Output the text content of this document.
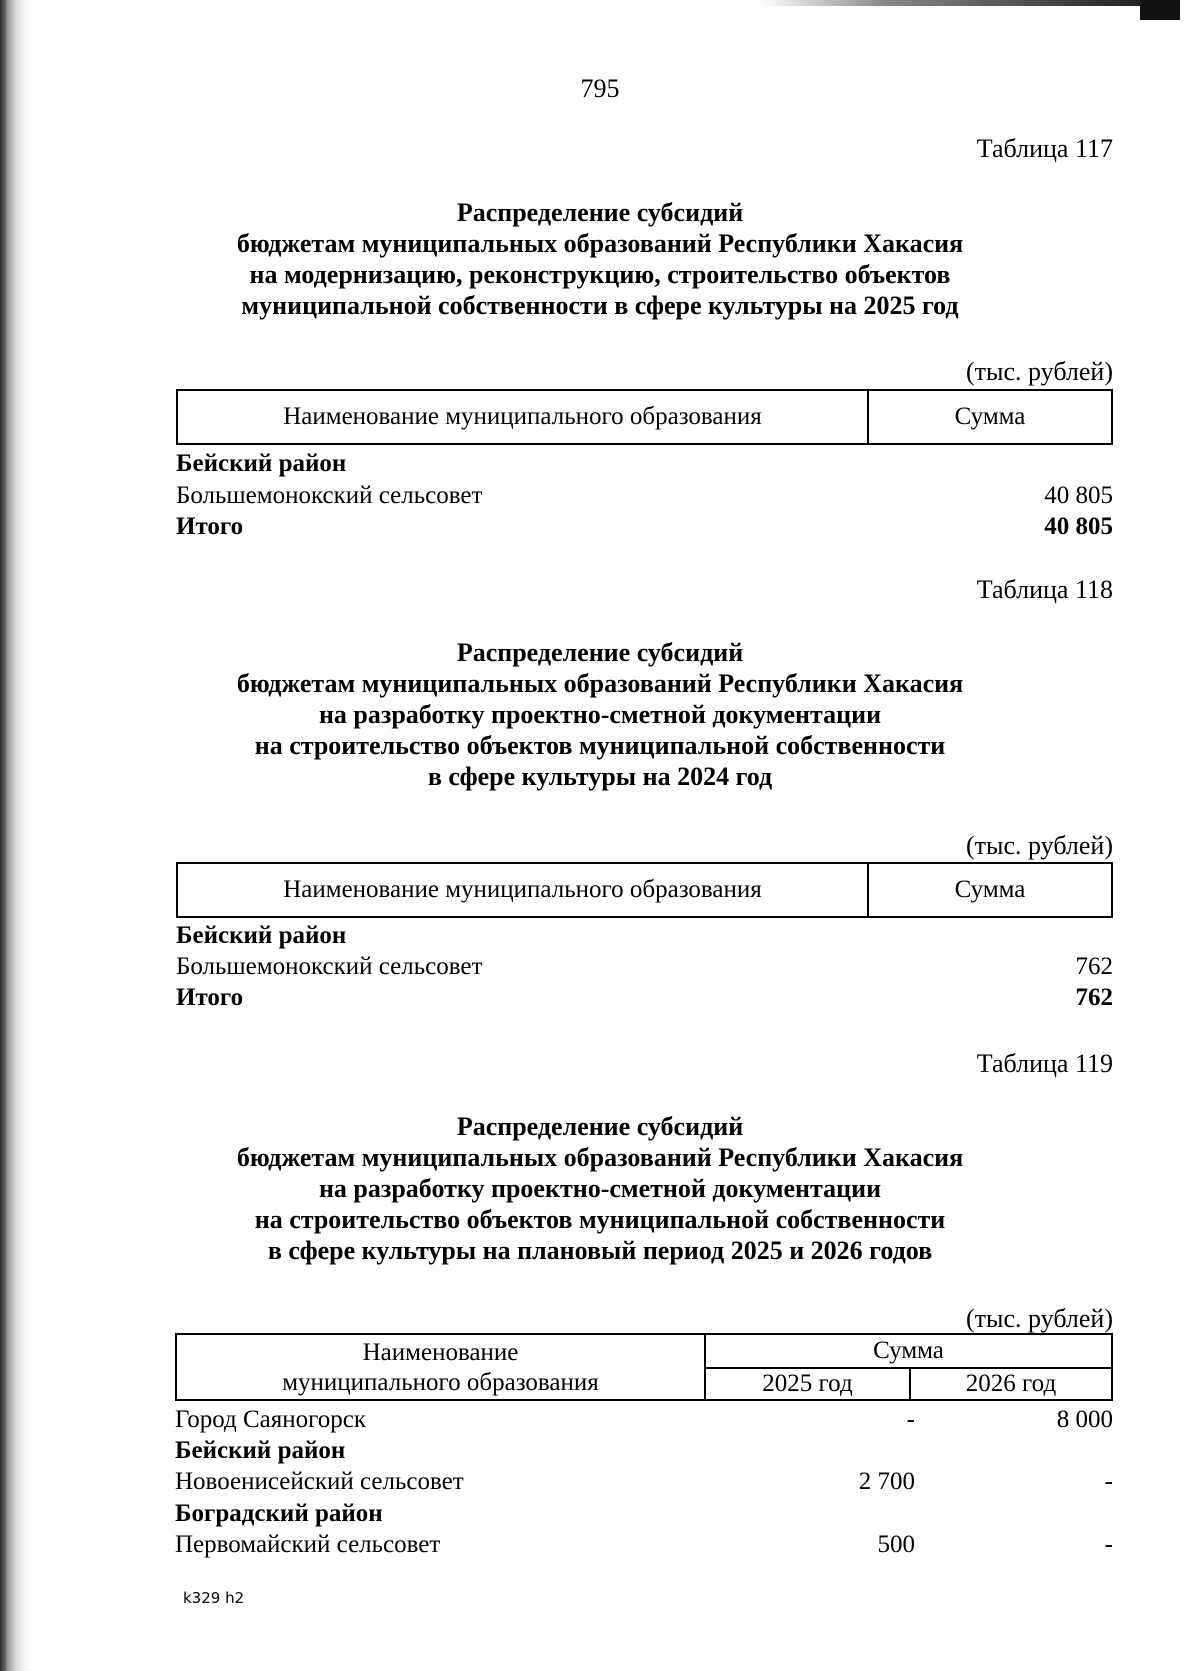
795
Таблица 117
Распределение субсидий
бюджетам муниципальных образований Республики Хакасия
на модернизацию, реконструкцию, строительство объектов
муниципальной собственности в сфере культуры на 2025 год
(тыс. рублей)
Наименование муниципального образования	Сумма
Бейский район
Большемонокский сельсовет	40 805
Итого	40 805
Таблица 118
Распределение субсидий
бюджетам муниципальных образований Республики Хакасия
на разработку проектно-сметной документации
на строительство объектов муниципальной собственности
в сфере культуры на 2024 год
(тыс. рублей)
Наименование муниципального образования	Сумма
Бейский район
Большемонокский сельсовет	762
Итого	762
Таблица 119
Распределение субсидий
бюджетам муниципальных образований Республики Хакасия
на разработку проектно-сметной документации
на строительство объектов муниципальной собственности
в сфере культуры на плановый период 2025 и 2026 годов
(тыс. рублей)
Наименование
муниципального образования
Сумма
2025 год	2026 год
Город Саяногорск	-	8 000
Бейский район
Новоенисейский сельсовет	2 700	-
Боградский район
Первомайский сельсовет	500	-
k329 h2
